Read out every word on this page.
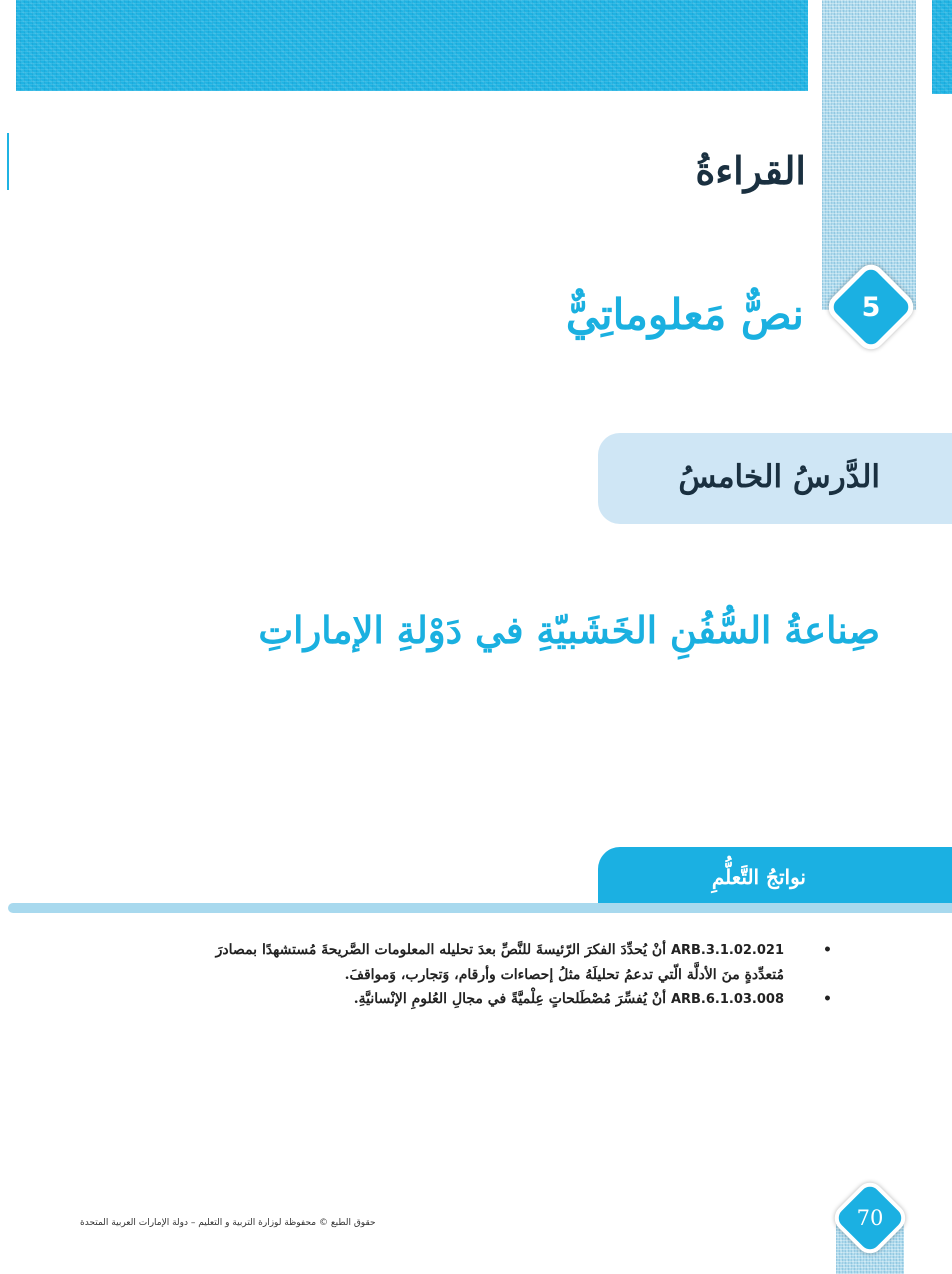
القراءةُ
5
نصٌّ مَعلوماتِيٌّ
الدَّرسُ الخامسُ
صِناعةُ السُّفُنِ الخَشَبيّةِ في دَوْلةِ الإماراتِ
نواتجُ التَّعلُّمِ
•
ARB.3.1.02.021 أنْ يُحدِّدَ الفكرَ الرّئيسةَ للنَّصِّ بعدَ تحليله المعلومات الصَّريحةَ مُستشهدًا بمصادرَ مُتعدِّدةٍ منَ الأدلَّة الّتي تدعمُ تحليلَهُ مثلُ إحصاءات وأرقام، وَتجارب، وَمواقفَ.
•
ARB.6.1.03.008 أنْ يُفسِّرَ مُصْطَلحاتٍ عِلْميَّةً في مجالِ العُلومِ الإنْسانيَّةِ.
حقوق الطبع © محفوظة لوزارة التربية و التعليم – دولة الإمارات العربية المتحدة	70
